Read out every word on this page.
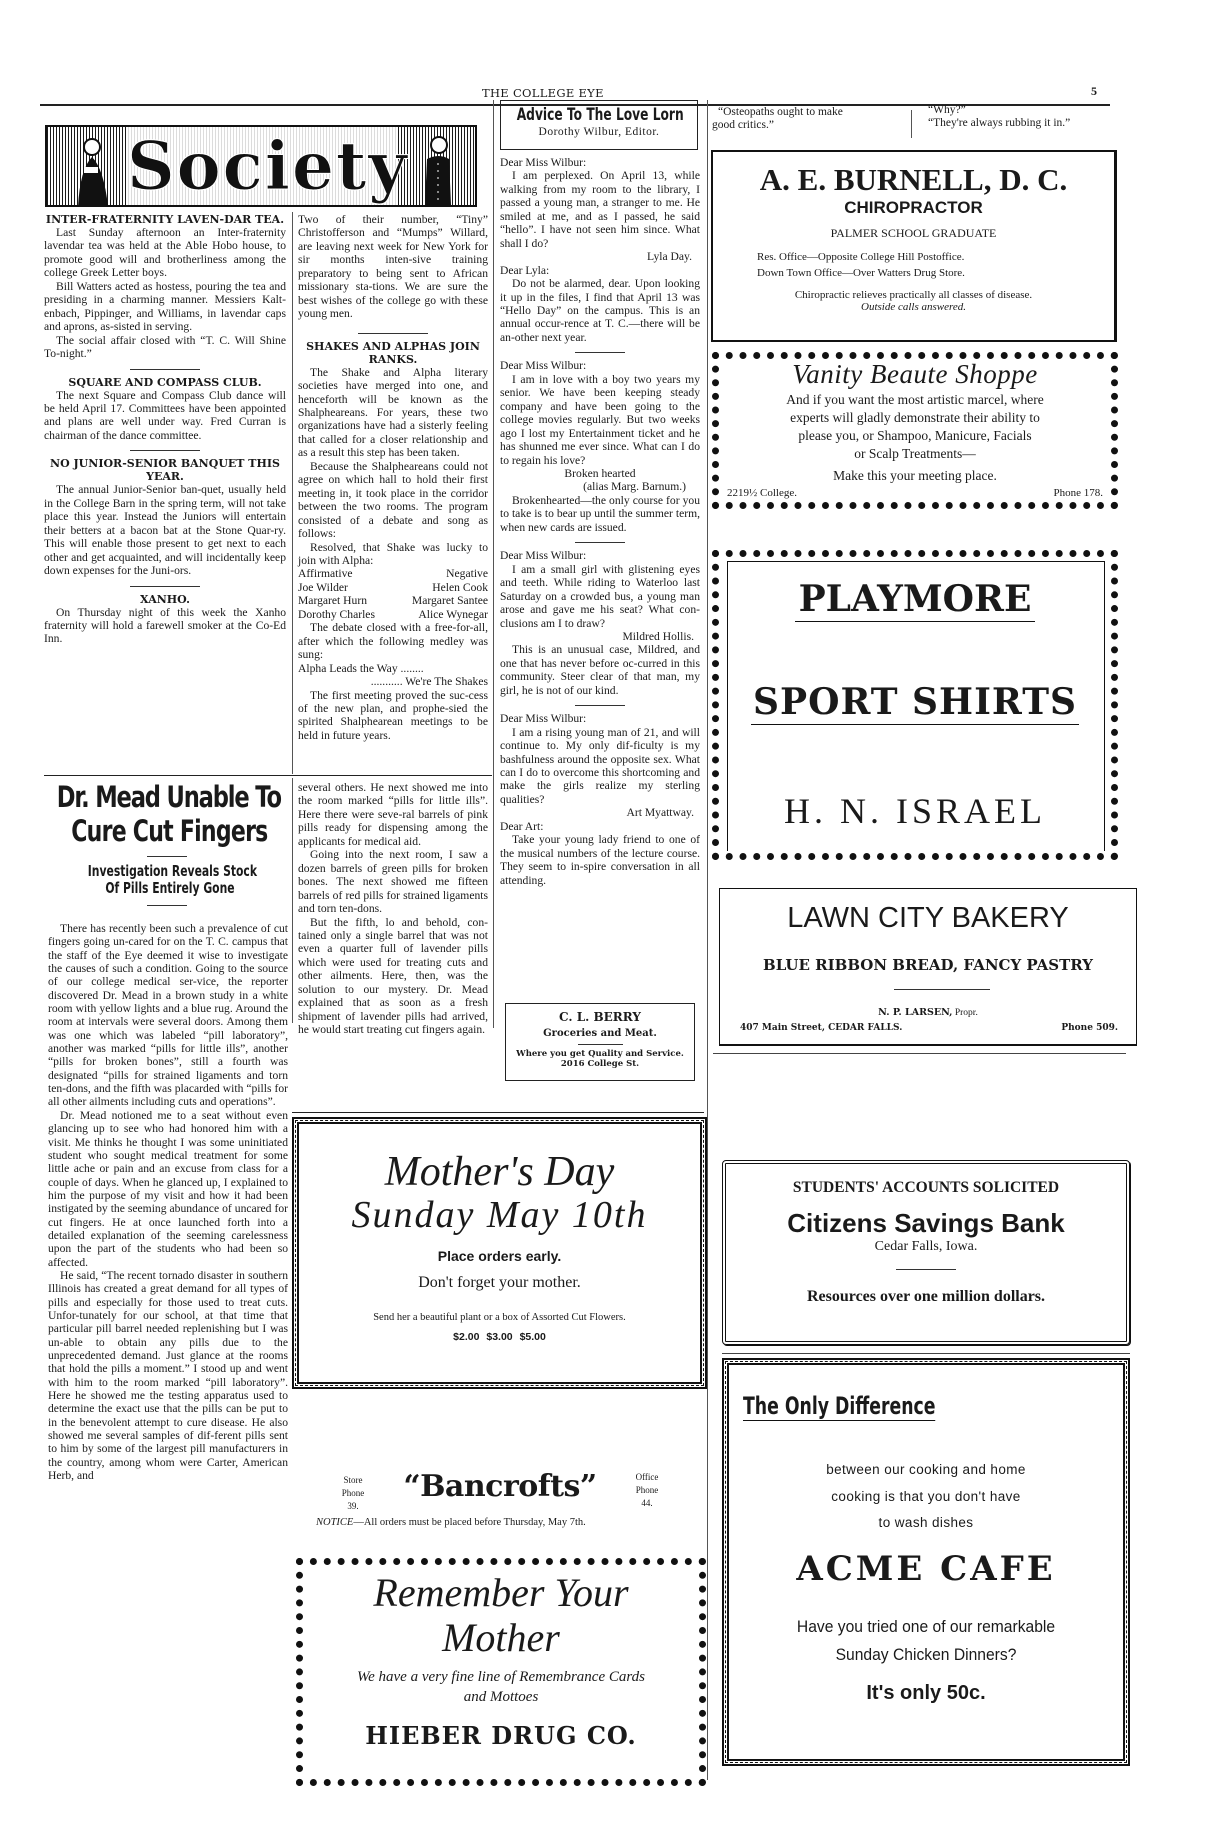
THE COLLEGE EYE	5
Society
INTER-FRATERNITY LAVEN-DAR TEA.

Last Sunday afternoon an Inter-fraternity lavendar tea was held at the Able Hobo house, to promote good will and brotherliness among the college Greek Letter boys.

Bill Watters acted as hostess, pouring the tea and presiding in a charming manner. Messiers Kalt-enbach, Pippinger, and Williams, in lavendar caps and aprons, as-sisted in serving.

The social affair closed with “T. C. Will Shine To-night.”

SQUARE AND COMPASS CLUB.

The next Square and Compass Club dance will be held April 17. Committees have been appointed and plans are well under way. Fred Curran is chairman of the dance committee.

NO JUNIOR-SENIOR BANQUET THIS YEAR.

The annual Junior-Senior ban-quet, usually held in the College Barn in the spring term, will not take place this year. Instead the Juniors will entertain their betters at a bacon bat at the Stone Quar-ry. This will enable those present to get next to each other and get acquainted, and will incidentally keep down expenses for the Juni-ors.

XANHO.

On Thursday night of this week the Xanho fraternity will hold a farewell smoker at the Co-Ed Inn.

Two of their number, “Tiny” Christofferson and “Mumps” Willard, are leaving next week for New York for sir months inten-sive training preparatory to being sent to African missionary sta-tions. We are sure the best wishes of the college go with these young men.

SHAKES AND ALPHAS JOIN RANKS.

The Shake and Alpha literary societies have merged into one, and henceforth will be known as the Shalpheareans. For years, these two organizations have had a sisterly feeling that called for a closer relationship and as a result this step has been taken.

Because the Shalpheareans could not agree on which hall to hold their first meeting in, it took place in the corridor between the two rooms. The program consisted of a debate and song as follows:

Resolved, that Shake was lucky to join with Alpha:

Affirmative	Negative
Joe Wilder	Helen Cook
Margaret Hurn	Margaret Santee
Dorothy Charles	Alice Wynegar

The debate closed with a free-for-all, after which the following medley was sung:

Alpha Leads the Way ........
........... We're The Shakes

The first meeting proved the suc-cess of the new plan, and prophe-sied the spirited Shalphearean meetings to be held in future years.

Dr. Mead Unable To
Cure Cut Fingers
Investigation Reveals Stock
Of Pills Entirely Gone

There has recently been such a prevalence of cut fingers going un-cared for on the T. C. campus that the staff of the Eye deemed it wise to investigate the causes of such a condition. Going to the source of our college medical ser-vice, the reporter discovered Dr. Mead in a brown study in a white room with yellow lights and a blue rug. Around the room at intervals were several doors. Among them was one which was labeled “pill laboratory”, another was marked “pills for little ills”, another “pills for broken bones”, still a fourth was designated “pills for strained ligaments and torn ten-dons, and the fifth was placarded with “pills for all other ailments including cuts and operations”.

Dr. Mead notioned me to a seat without even glancing up to see who had honored him with a visit. Me thinks he thought I was some uninitiated student who sought medical treatment for some little ache or pain and an excuse from class for a couple of days. When he glanced up, I explained to him the purpose of my visit and how it had been instigated by the seeming abundance of uncared for cut fingers. He at once launched forth into a detailed explanation of the seeming carelessness upon the part of the students who had been so affected.

He said, “The recent tornado disaster in southern Illinois has created a great demand for all types of pills and especially for those used to treat cuts. Unfor-tunately for our school, at that time that particular pill barrel needed replenishing but I was un-able to obtain any pills due to the unprecedented demand. Just glance at the rooms that hold the pills a moment.” I stood up and went with him to the room marked “pill laboratory”. Here he showed me the testing apparatus used to determine the exact use that the pills can be put to in the benevolent attempt to cure disease. He also showed me several samples of dif-ferent pills sent to him by some of the largest pill manufacturers in the country, among whom were Carter, American Herb, and

several others. He next showed me into the room marked “pills for little ills”. Here there were seve-ral barrels of pink pills ready for dispensing among the applicants for medical aid.

Going into the next room, I saw a dozen barrels of green pills for broken bones. The next showed me fifteen barrels of red pills for strained ligaments and torn ten-dons.

But the fifth, lo and behold, con-tained only a single barrel that was not even a quarter full of lavender pills which were used for treating cuts and other ailments. Here, then, was the solution to our mystery. Dr. Mead explained that as soon as a fresh shipment of lavender pills had arrived, he would start treating cut fingers again.

Advice To The Love Lorn
Dorothy Wilbur, Editor.
Dear Miss Wilbur:

I am perplexed. On April 13, while walking from my room to the library, I passed a young man, a stranger to me. He smiled at me, and as I passed, he said “hello”. I have not seen him since. What shall I do?

Lyla Day.
Dear Lyla:

Do not be alarmed, dear. Upon looking it up in the files, I find that April 13 was “Hello Day” on the campus. This is an annual occur-rence at T. C.—there will be an-other next year.

Dear Miss Wilbur:

I am in love with a boy two years my senior. We have been keeping steady company and have been going to the college movies regularly. But two weeks ago I lost my Entertainment ticket and he has shunned me ever since. What can I do to regain his love?

Broken hearted
(alias Marg. Barnum.)

Brokenhearted—the only course for you to take is to bear up until the summer term, when new cards are issued.

Dear Miss Wilbur:

I am a small girl with glistening eyes and teeth. While riding to Waterloo last Saturday on a crowded bus, a young man arose and gave me his seat? What con-clusions am I to draw?

Mildred Hollis.

This is an unusual case, Mildred, and one that has never before oc-curred in this community. Steer clear of that man, my girl, he is not of our kind.

Dear Miss Wilbur:

I am a rising young man of 21, and will continue to. My only dif-ficulty is my bashfulness around the opposite sex. What can I do to overcome this shortcoming and make the girls realize my sterling qualities?

Art Myattway.
Dear Art:

Take your young lady friend to one of the musical numbers of the lecture course. They seem to in-spire conversation in all attending.

C. L. BERRY
Groceries and Meat.
Where you get Quality and Service.
2016 College St.
Mother's Day
Sunday May 10th
Place orders early.
Don't forget your mother.
Send her a beautiful plant or a box of Assorted Cut Flowers.
$2.00 $3.00 $5.00
Store
Phone
39.
“Bancrofts”	Office
Phone
44.
NOTICE—All orders must be placed before Thursday, May 7th.
Remember Your
Mother
We have a very fine line of Remembrance Cards
and Mottoes
HIEBER DRUG CO.
“Osteopaths ought to make good critics.”
“Why?”
“They're always rubbing it in.”
A. E. BURNELL, D. C.
CHIROPRACTOR
PALMER SCHOOL GRADUATE
Res. Office—Opposite College Hill Postoffice.
Down Town Office—Over Watters Drug Store.
Chiropractic relieves practically all classes of disease.
Outside calls answered.
Vanity Beaute Shoppe
And if you want the most artistic marcel, where
experts will gladly demonstrate their ability to
please you, or Shampoo, Manicure, Facials
or Scalp Treatments—
Make this your meeting place.
2219½ College.	Phone 178.
PLAYMORE
SPORT SHIRTS
H. N. ISRAEL
LAWN CITY BAKERY
BLUE RIBBON BREAD, FANCY PASTRY
N. P. LARSEN, Propr.
407 Main Street, CEDAR FALLS.	Phone 509.
STUDENTS' ACCOUNTS SOLICITED
Citizens Savings Bank
Cedar Falls, Iowa.
Resources over one million dollars.
The Only Difference
between our cooking and home
cooking is that you don't have
to wash dishes
ACME CAFE
Have you tried one of our remarkable
Sunday Chicken Dinners?
It's only 50c.
